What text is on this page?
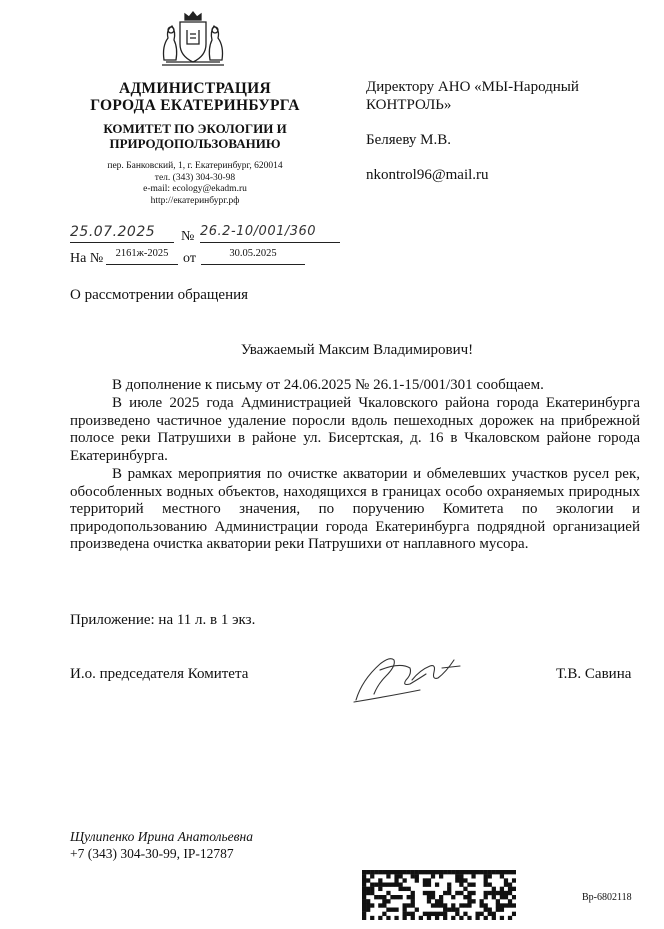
АДМИНИСТРАЦИЯ
ГОРОДА ЕКАТЕРИНБУРГА
КОМИТЕТ ПО ЭКОЛОГИИ И
ПРИРОДОПОЛЬЗОВАНИЮ
пер. Банковский, 1, г. Екатеринбург, 620014
тел. (343) 304-30-98
e-mail: ecology@ekadm.ru
http://екатеринбург.рф
25.07.2025	№ 26.2-10/001/360
На №	2161ж-2025	от	30.05.2025
Директору АНО «МЫ-Народный
КОНТРОЛЬ»
Беляеву М.В.
nkontrol96@mail.ru
О рассмотрении обращения
Уважаемый Максим Владимирович!
В дополнение к письму от 24.06.2025 № 26.1-15/001/301 сообщаем.
В июле 2025 года Администрацией Чкаловского района города Екатеринбурга произведено частичное удаление поросли вдоль пешеходных дорожек на прибрежной полосе реки Патрушихи в районе ул. Бисертская, д. 16 в Чкаловском районе города Екатеринбурга.
В рамках мероприятия по очистке акватории и обмелевших участков русел рек, обособленных водных объектов, находящихся в границах особо охраняемых природных территорий местного значения, по поручению Комитета по экологии и природопользованию Администрации города Екатеринбурга подрядной организацией произведена очистка акватории реки Патрушихи от наплавного мусора.
Приложение: на 11 л. в 1 экз.
И.о. председателя Комитета	Т.В. Савина
Щулипенко Ирина Анатольевна
+7 (343) 304-30-99, IP-12787
Вр-6802118
